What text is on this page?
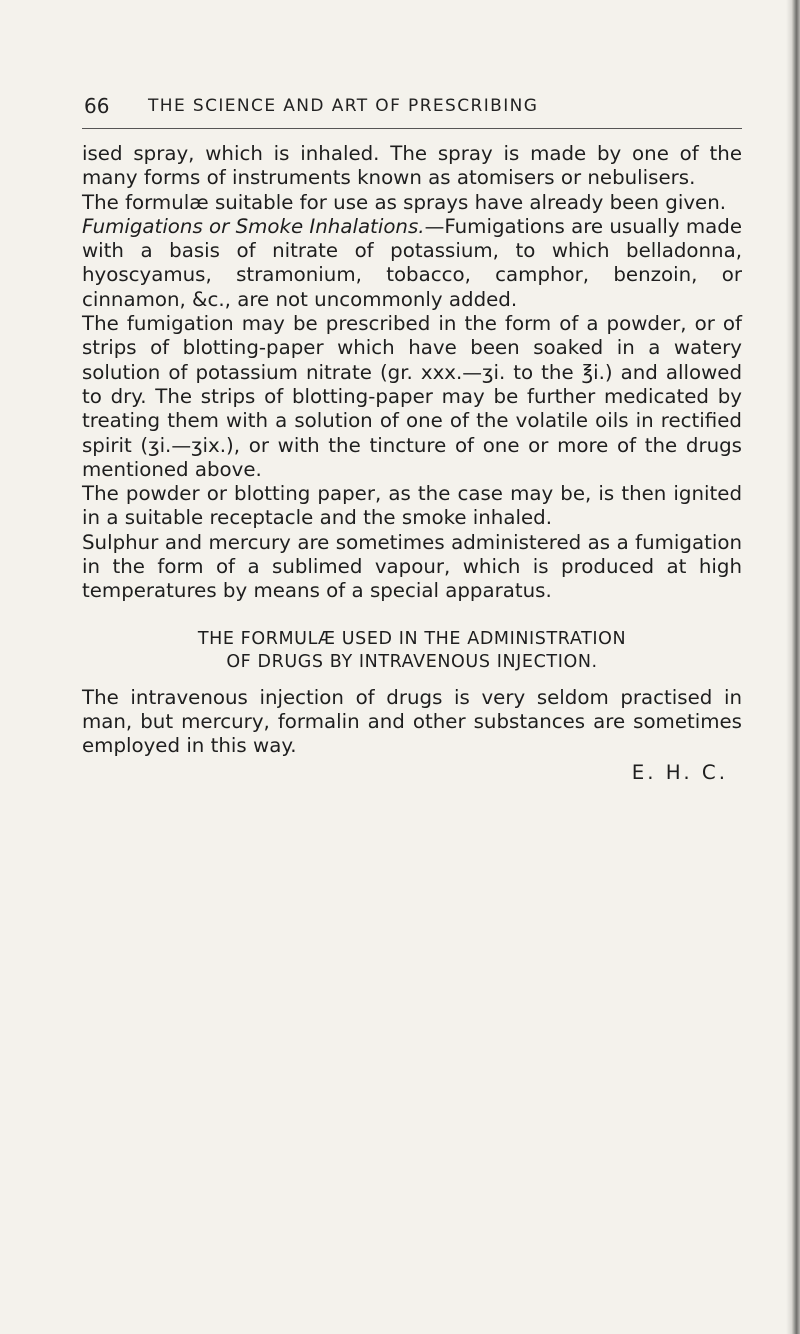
66 THE SCIENCE AND ART OF PRESCRIBING

ised spray, which is inhaled. The spray is made by one of the many forms of instruments known as atomisers or nebulisers.

The formulæ suitable for use as sprays have already been given.

Fumigations or Smoke Inhalations.—Fumigations are usually made with a basis of nitrate of potassium, to which belladonna, hyoscyamus, stramonium, tobacco, camphor, benzoin, or cinnamon, &c., are not uncommonly added.

The fumigation may be prescribed in the form of a powder, or of strips of blotting-paper which have been soaked in a watery solution of potassium nitrate (gr. xxx.—ʒi. to the ℥i.) and allowed to dry. The strips of blotting-paper may be further medicated by treating them with a solution of one of the volatile oils in rectified spirit (ʒi.—ʒix.), or with the tincture of one or more of the drugs mentioned above.

The powder or blotting paper, as the case may be, is then ignited in a suitable receptacle and the smoke inhaled.

Sulphur and mercury are sometimes administered as a fumigation in the form of a sublimed vapour, which is produced at high temperatures by means of a special apparatus.

THE FORMULÆ USED IN THE ADMINISTRATION
OF DRUGS BY INTRAVENOUS INJECTION.

The intravenous injection of drugs is very seldom practised in man, but mercury, formalin and other substances are sometimes employed in this way.

E. H. C.
